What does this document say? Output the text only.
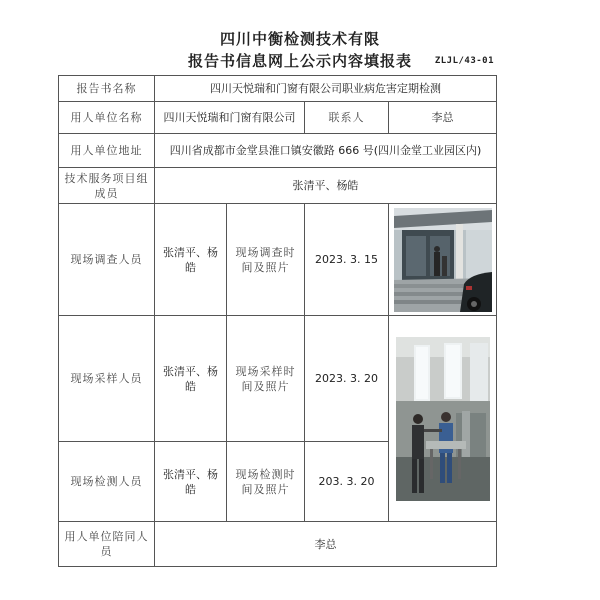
四川中衡检测技术有限
报告书信息网上公示内容填报表	ZLJL/43-01
报告书名称	四川天悦瑞和门窗有限公司职业病危害定期检测			
用人单位名称	四川天悦瑞和门窗有限公司		联系人	李总
用人单位地址	四川省成都市金堂县淮口镇安徽路 666 号(四川金堂工业园区内)			
技术服务项目组成员	张清平、杨皓			
现场调查人员	张清平、杨皓	现场调查时间及照片	2023. 3. 15	

现场采样人员	张清平、杨皓	现场采样时间及照片	2023. 3. 20	

现场检测人员	张清平、杨皓	现场检测时间及照片	203. 3. 20	
用人单位陪同人员	李总			
